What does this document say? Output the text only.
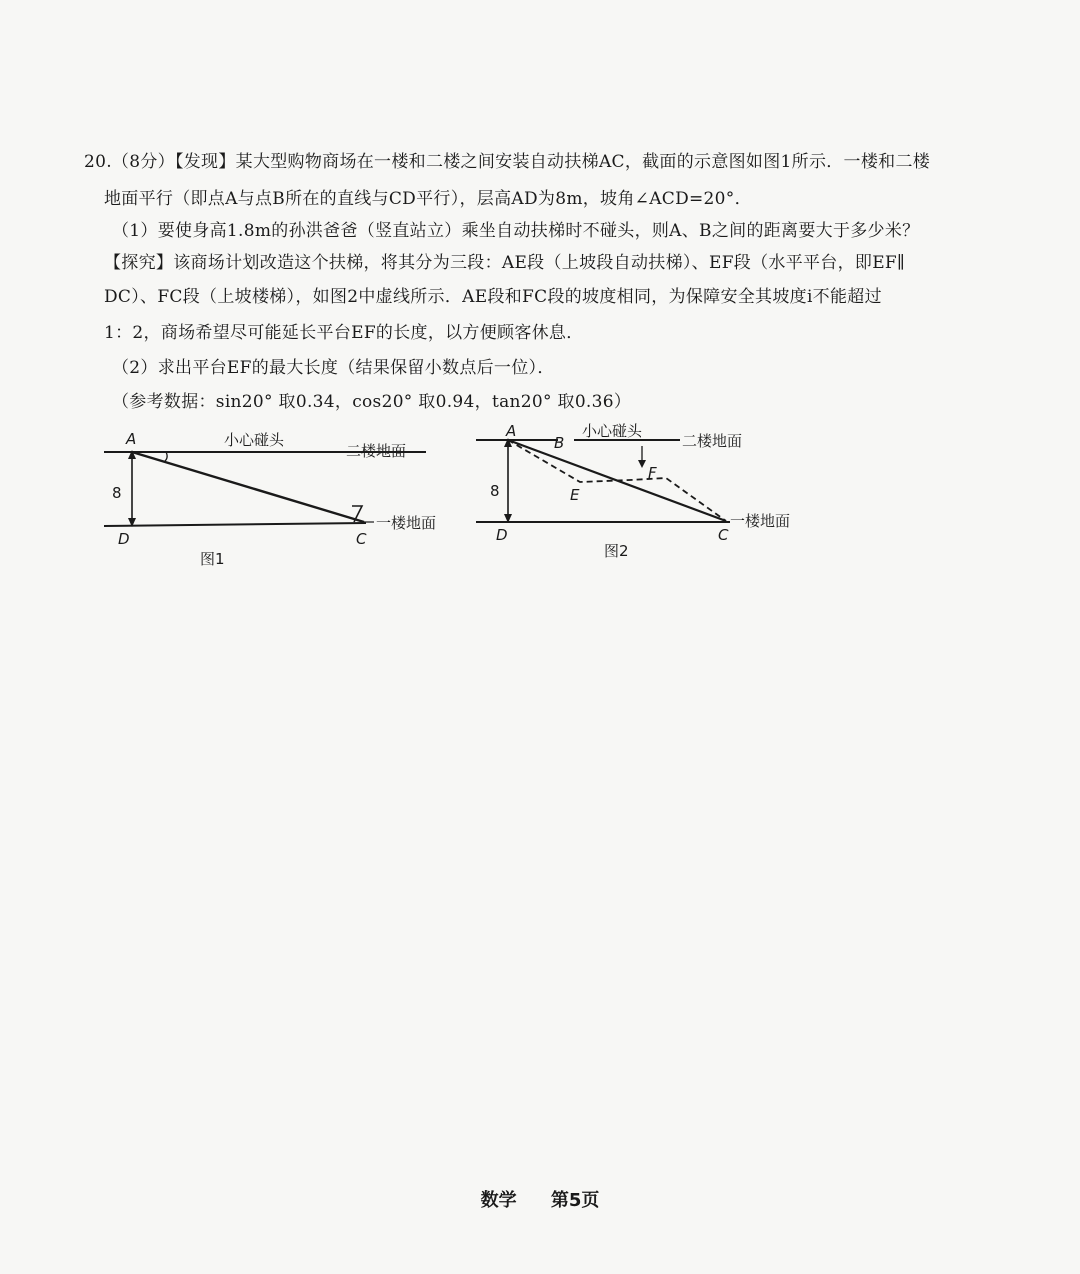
20.（8分）【发现】某大型购物商场在一楼和二楼之间安装自动扶梯AC，截面的示意图如图1所示．一楼和二楼
地面平行（即点A与点B所在的直线与CD平行），层高AD为8m，坡角∠ACD=20°．
（1）要使身高1.8m的孙洪爸爸（竖直站立）乘坐自动扶梯时不碰头，则A、B之间的距离要大于多少米？
【探究】该商场计划改造这个扶梯，将其分为三段：AE段（上坡段自动扶梯）、EF段（水平平台，即EF∥
DC）、FC段（上坡楼梯），如图2中虚线所示．AE段和FC段的坡度相同，为保障安全其坡度i不能超过
1：2，商场希望尽可能延长平台EF的长度，以方便顾客休息．
（2）求出平台EF的最大长度（结果保留小数点后一位）．
（参考数据：sin20° 取0.34，cos20° 取0.94，tan20° 取0.36）
A
D	C
8
小心碰头
二楼地面
一楼地面
图1
A
B
D	C
E
F
8
小心碰头
二楼地面
一楼地面
图2
数学 第5页
